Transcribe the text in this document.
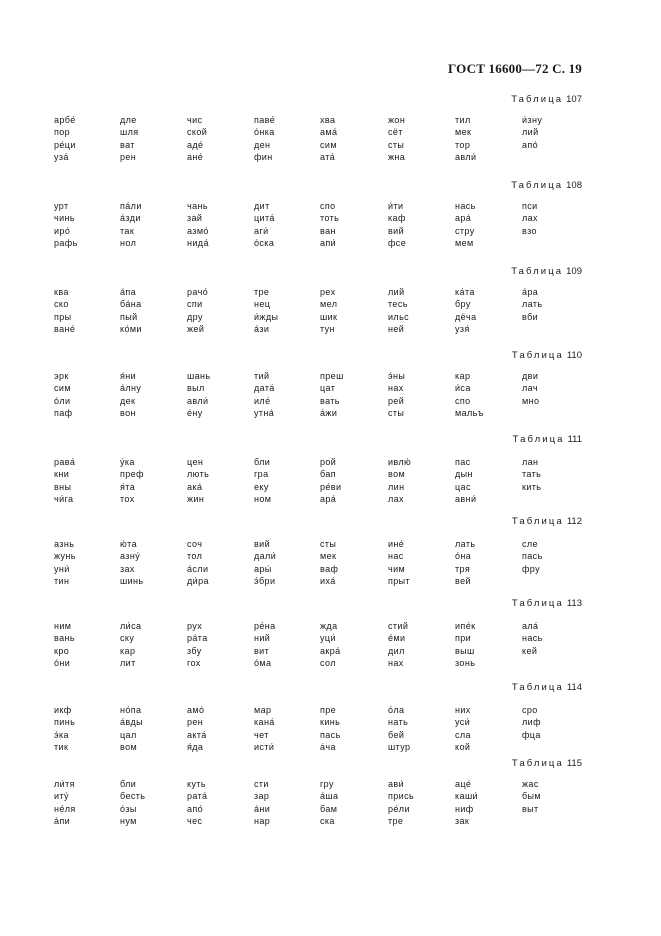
ГОСТ 16600—72 С. 19
Таблица 107
арбе́
пор
ре́ци
уза́
дле
шля
ват
рен
чис
ской
аде́
ане́
паве́
о́нка
ден
фин
хва
ама́
сим
ата́
жон
сёт
сты
жна
тил
мек
тор
авли́
и́зну
лий
апо́
Таблица 108
урт
чинь
иро́
рафь
па́ли
а́зди
так
нол
чань
зай
азмо́
нида́
дит
цита́
аги́
о́ска
спо
тоть
ван
апи́
и́ти
каф
вий
фсе
нась
ара́
стру
мем
пси
лах
взо
Таблица 109
ква
ско
пры
ване́
а́па
ба́на
пый
ко́ми
рачо́
спи
дру
жей
тре
нец
и́жды
а́зи
рех
мел
шик
тун
лий
тесь
ильс
ней
ка́та
бру
дёча
узя́
а́ра
лать
вби
Таблица 110
эрк
сим
о́ли
паф
я́ни
а́лну
дек
вон
шань
выл
авли́
е́ну
тий
дата́
иле́
утна́
преш
цат
вать
а́жи
э́ны
нах
рей
сты
кар
и́са
спо
мальъ
дви
лач
мно
Таблица 111
рава́
кни
вны
чи́га
у́ка
преф
я́та
тох
цен
лють
ака́
жин
бли
гра
еку
ном
рой
бап
ре́ви
ара́
ивлю́
вом
лин
лах
пас
дын
цас
авни́
лан
тать
кить
Таблица 112
азнь
жунь
уни́
тин
ю́та
азну́
зах
шинь
соч
тол
а́сли
ди́ра
вий
дали́
ары́
э́бри
сты
мек
ваф
иха́
ине́
нас
чим
прыт
лать
о́на
тря
вей
сле
пась
фру
Таблица 113
ним
вань
кро
о́ни
ли́са
ску
кар
лит
рух
ра́та
збу
гох
ре́на
ний
вит
о́ма
жда
уци́
акра́
сол
стий
е́ми
дил
нах
ипе́к
при
выш
зонь
ала́
нась
кей
Таблица 114
икф
пинь
э́ка
тик
но́па
а́вды
цал
вом
амо́
рен
акта́
я́да
мар
кана́
чет
исти́
пре
кинь
пась
а́ча
о́ла
нать
бей
штур
них
уси́
сла
кой
сро
лиф
фца
Таблица 115
ли́тя
иту́
не́ля
а́пи
бли
бесть
о́зы
нум
куть
рата́
апо́
чес
сти
зар
а́ни
нар
гру
а́ша
бам
ска
ави́
прись
ре́ли
тре
аце́
каши́
ниф
зак
жас
бым
выт
